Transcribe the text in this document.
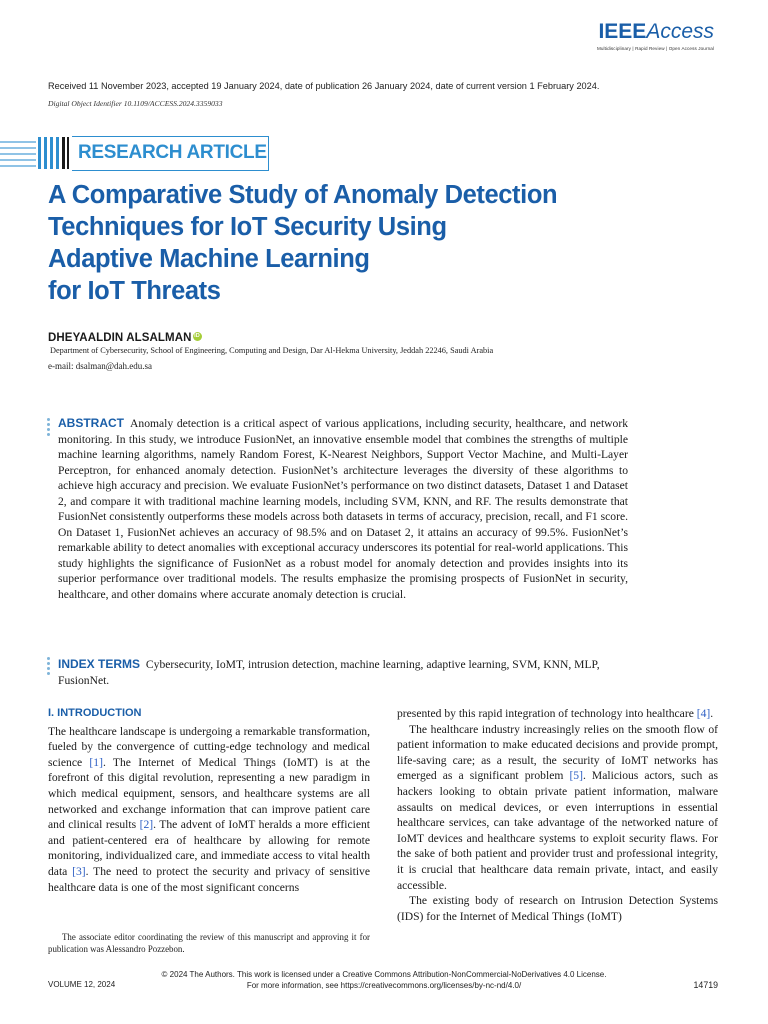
IEEEAccess
Multidisciplinary | Rapid Review | Open Access Journal
Received 11 November 2023, accepted 19 January 2024, date of publication 26 January 2024, date of current version 1 February 2024.
Digital Object Identifier 10.1109/ACCESS.2024.3359033
RESEARCH ARTICLE
A Comparative Study of Anomaly Detection
Techniques for IoT Security Using
Adaptive Machine Learning
for IoT Threats
DHEYAALDIN ALSALMAN iD
Department of Cybersecurity, School of Engineering, Computing and Design, Dar Al-Hekma University, Jeddah 22246, Saudi Arabia
e-mail: dsalman@dah.edu.sa
ABSTRACT Anomaly detection is a critical aspect of various applications, including security, healthcare, and network monitoring. In this study, we introduce FusionNet, an innovative ensemble model that combines the strengths of multiple machine learning algorithms, namely Random Forest, K-Nearest Neighbors, Support Vector Machine, and Multi-Layer Perceptron, for enhanced anomaly detection. FusionNet’s architecture leverages the diversity of these algorithms to achieve high accuracy and precision. We evaluate FusionNet’s performance on two distinct datasets, Dataset 1 and Dataset 2, and compare it with traditional machine learning models, including SVM, KNN, and RF. The results demonstrate that FusionNet consistently outperforms these models across both datasets in terms of accuracy, precision, recall, and F1 score. On Dataset 1, FusionNet achieves an accuracy of 98.5% and on Dataset 2, it attains an accuracy of 99.5%. FusionNet’s remarkable ability to detect anomalies with exceptional accuracy underscores its potential for real-world applications. This study highlights the significance of FusionNet as a robust model for anomaly detection and provides insights into its superior performance over traditional models. The results emphasize the promising prospects of FusionNet in security, healthcare, and other domains where accurate anomaly detection is crucial.
INDEX TERMS Cybersecurity, IoMT, intrusion detection, machine learning, adaptive learning, SVM, KNN, MLP, FusionNet.
I. INTRODUCTION

The healthcare landscape is undergoing a remarkable transformation, fueled by the convergence of cutting-edge technology and medical science [1]. The Internet of Medical Things (IoMT) is at the forefront of this digital revolution, representing a new paradigm in which medical equipment, sensors, and healthcare systems are all networked and exchange information that can improve patient care and clinical results [2]. The advent of IoMT heralds a more efficient and patient-centered era of healthcare by allowing for remote monitoring, individualized care, and immediate access to vital health data [3]. The need to protect the security and privacy of sensitive healthcare data is one of the most significant concerns

presented by this rapid integration of technology into healthcare [4].

The healthcare industry increasingly relies on the smooth flow of patient information to make educated decisions and provide prompt, life-saving care; as a result, the security of IoMT networks has emerged as a significant problem [5]. Malicious actors, such as hackers looking to obtain private patient information, malware assaults on medical devices, or even interruptions in essential healthcare services, can take advantage of the networked nature of IoMT devices and healthcare systems to exploit security flaws. For the sake of both patient and provider trust and professional integrity, it is crucial that healthcare data remain private, intact, and easily accessible.

The existing body of research on Intrusion Detection Systems (IDS) for the Internet of Medical Things (IoMT)

The associate editor coordinating the review of this manuscript and approving it for publication was Alessandro Pozzebon.
© 2024 The Authors. This work is licensed under a Creative Commons Attribution-NonCommercial-NoDerivatives 4.0 License.
For more information, see https://creativecommons.org/licenses/by-nc-nd/4.0/
VOLUME 12, 2024	14719
